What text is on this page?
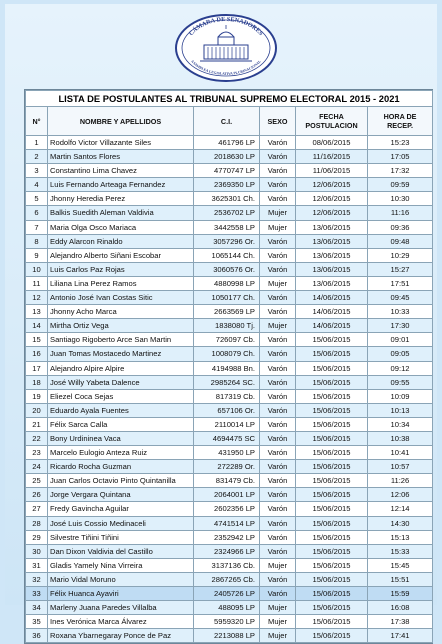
CÁMARA DE SENADORES
ASAMBLEA LEGISLATIVA PLURINACIONAL
LISTA DE POSTULANTES AL TRIBUNAL SUPREMO ELECTORAL 2015 - 2021					
N°	NOMBRE Y APELLIDOS	C.I.	SEXO	FECHA POSTULACION	HORA DE RECEP.
1	Rodolfo Victor Villazante Siles	461796 LP	Varón	08/06/2015	15:23
2	Martin Santos Flores	2018630 LP	Varón	11/16/2015	17:05
3	Constantino Lima Chavez	4770747 LP	Varón	11/06/2015	17:32
4	Luis Fernando Arteaga Fernandez	2369350 LP	Varón	12/06/2015	09:59
5	Jhonny Heredia Perez	3625301 Ch.	Varón	12/06/2015	10:30
6	Balkis Suedith Aleman Valdivia	2536702 LP	Mujer	12/06/2015	11:16
7	Maria Olga Osco Mariaca	3442558 LP	Mujer	13/06/2015	09:36
8	Eddy Alarcon Rinaldo	3057296 Or.	Varón	13/06/2015	09:48
9	Alejandro Alberto Siñani Escobar	1065144 Ch.	Varón	13/06/2015	10:29
10	Luis Carlos Paz Rojas	3060576 Or.	Varón	13/06/2015	15:27
11	Liliana Lina Perez Ramos	4880998 LP	Mujer	13/06/2015	17:51
12	Antonio José Ivan Costas Sitic	1050177 Ch.	Varón	14/06/2015	09:45
13	Jhonny Acho Marca	2663569 LP	Varón	14/06/2015	10:33
14	Mirtha Ortiz Vega	1838080 Tj.	Mujer	14/06/2015	17:30
15	Santiago Rigoberto Arce San Martin	726097 Cb.	Varón	15/06/2015	09:01
16	Juan Tomas Mostacedo Martinez	1008079 Ch.	Varón	15/06/2015	09:05
17	Alejandro Alpire Alpire	4194988 Bn.	Varón	15/06/2015	09:12
18	José Willy Yabeta Dalence	2985264 SC.	Varón	15/06/2015	09:55
19	Eliezel Coca Sejas	817319 Cb.	Varón	15/06/2015	10:09
20	Eduardo Ayala Fuentes	657106 Or.	Varón	15/06/2015	10:13
21	Félix Sarca Calla	2110014 LP	Varón	15/06/2015	10:34
22	Bony Urdininea Vaca	4694475 SC	Varón	15/06/2015	10:38
23	Marcelo Eulogio Anteza Ruiz	431950 LP	Varón	15/06/2015	10:41
24	Ricardo Rocha Guzman	272289 Or.	Varón	15/06/2015	10:57
25	Juan Carlos Octavio Pinto Quintanilla	831479 Cb.	Varón	15/06/2015	11:26
26	Jorge Vergara Quintana	2064001 LP	Varón	15/06/2015	12:06
27	Fredy Gavincha Aguilar	2602356 LP	Varón	15/06/2015	12:14
28	José Luis Cossio Medinaceli	4741514 LP	Varón	15/06/2015	14:30
29	Silvestre Tiñini Tiñini	2352942 LP	Varón	15/06/2015	15:13
30	Dan Dixon Valdivia del Castillo	2324966 LP	Varón	15/06/2015	15:33
31	Gladis Yamely Nina Virreira	3137136 Cb.	Mujer	15/06/2015	15:45
32	Mario Vidal Moruno	2867265 Cb.	Varón	15/06/2015	15:51
33	Félix Huanca Ayaviri	2405726 LP	Varón	15/06/2015	15:59
34	Marleny Juana Paredes Villalba	488095 LP	Mujer	15/06/2015	16:08
35	Ines Verónica Marca Álvarez	5959320 LP	Mujer	15/06/2015	17:38
36	Roxana Ybarnegaray Ponce de Paz	2213088 LP	Mujer	15/06/2015	17:41
